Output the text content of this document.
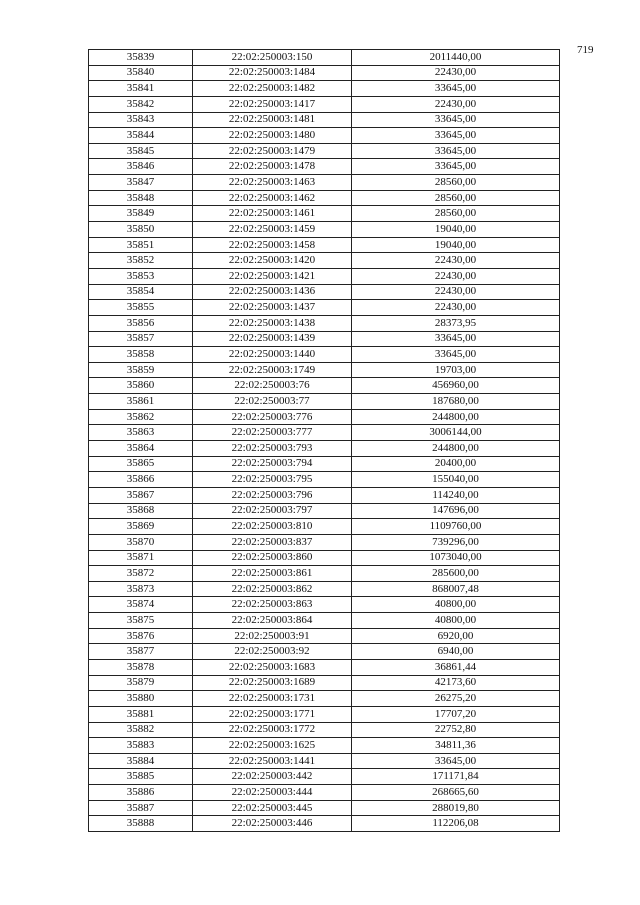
719
35839	22:02:250003:150	2011440,00
35840	22:02:250003:1484	22430,00
35841	22:02:250003:1482	33645,00
35842	22:02:250003:1417	22430,00
35843	22:02:250003:1481	33645,00
35844	22:02:250003:1480	33645,00
35845	22:02:250003:1479	33645,00
35846	22:02:250003:1478	33645,00
35847	22:02:250003:1463	28560,00
35848	22:02:250003:1462	28560,00
35849	22:02:250003:1461	28560,00
35850	22:02:250003:1459	19040,00
35851	22:02:250003:1458	19040,00
35852	22:02:250003:1420	22430,00
35853	22:02:250003:1421	22430,00
35854	22:02:250003:1436	22430,00
35855	22:02:250003:1437	22430,00
35856	22:02:250003:1438	28373,95
35857	22:02:250003:1439	33645,00
35858	22:02:250003:1440	33645,00
35859	22:02:250003:1749	19703,00
35860	22:02:250003:76	456960,00
35861	22:02:250003:77	187680,00
35862	22:02:250003:776	244800,00
35863	22:02:250003:777	3006144,00
35864	22:02:250003:793	244800,00
35865	22:02:250003:794	20400,00
35866	22:02:250003:795	155040,00
35867	22:02:250003:796	114240,00
35868	22:02:250003:797	147696,00
35869	22:02:250003:810	1109760,00
35870	22:02:250003:837	739296,00
35871	22:02:250003:860	1073040,00
35872	22:02:250003:861	285600,00
35873	22:02:250003:862	868007,48
35874	22:02:250003:863	40800,00
35875	22:02:250003:864	40800,00
35876	22:02:250003:91	6920,00
35877	22:02:250003:92	6940,00
35878	22:02:250003:1683	36861,44
35879	22:02:250003:1689	42173,60
35880	22:02:250003:1731	26275,20
35881	22:02:250003:1771	17707,20
35882	22:02:250003:1772	22752,80
35883	22:02:250003:1625	34811,36
35884	22:02:250003:1441	33645,00
35885	22:02:250003:442	171171,84
35886	22:02:250003:444	268665,60
35887	22:02:250003:445	288019,80
35888	22:02:250003:446	112206,08
